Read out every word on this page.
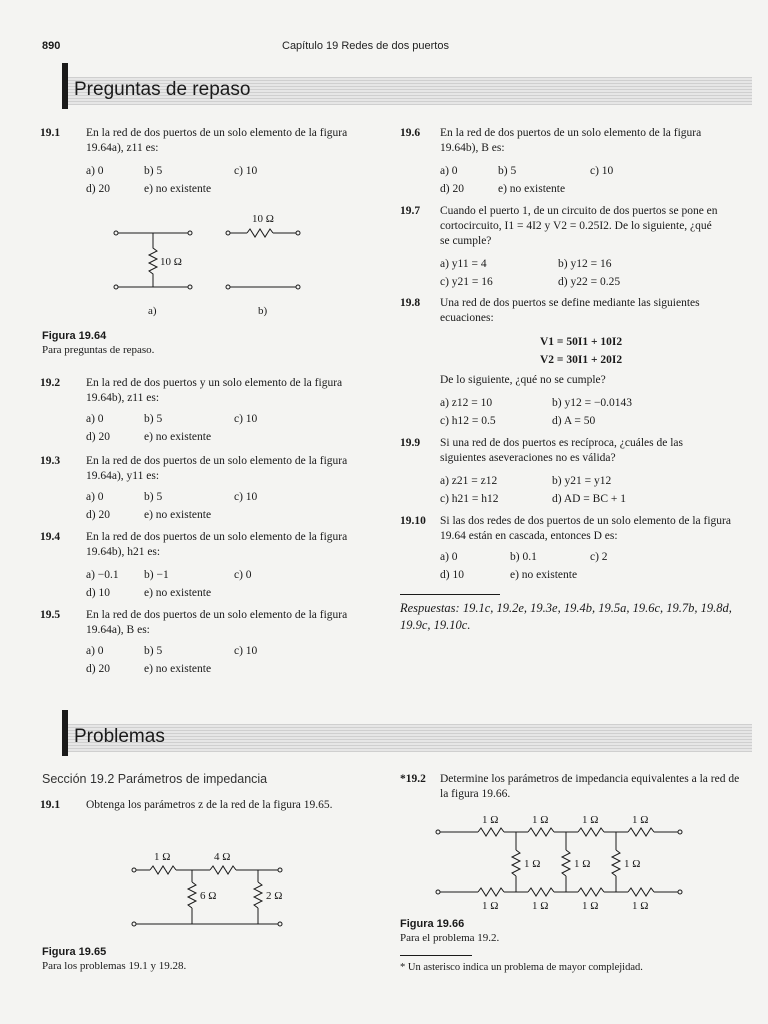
890	Capítulo 19 Redes de dos puertos
Preguntas de repaso
19.1 En la red de dos puertos de un solo elemento de la figura 19.64a), z11 es:
a) 0	b) 5	c) 10
d) 20	e) no existente
10 Ω
10 Ω
a)	b)
Figura 19.64
Para preguntas de repaso.
19.2 En la red de dos puertos y un solo elemento de la figura 19.64b), z11 es:
a) 0	b) 5	c) 10
d) 20	e) no existente
19.3 En la red de dos puertos de un solo elemento de la figura 19.64a), y11 es:
a) 0	b) 5	c) 10
d) 20	e) no existente
19.4 En la red de dos puertos de un solo elemento de la figura 19.64b), h21 es:
a) −0.1 b) −1	c) 0
d) 10	e) no existente
19.5 En la red de dos puertos de un solo elemento de la figura 19.64a), B es:
a) 0	b) 5	c) 10
d) 20	e) no existente
19.6 En la red de dos puertos de un solo elemento de la figura 19.64b), B es:
a) 0	b) 5	c) 10
d) 20	e) no existente
19.7 Cuando el puerto 1, de un circuito de dos puertos se pone en cortocircuito, I1 = 4I2 y V2 = 0.25I2. De lo siguiente, ¿qué se cumple?
a) y11 = 4	b) y12 = 16
c) y21 = 16	d) y22 = 0.25
19.8 Una red de dos puertos se define mediante las siguientes ecuaciones:
V1 = 50I1 + 10I2
V2 = 30I1 + 20I2
De lo siguiente, ¿qué no se cumple?
a) z12 = 10	b) y12 = −0.0143
c) h12 = 0.5	d) A = 50
19.9 Si una red de dos puertos es recíproca, ¿cuáles de las siguientes aseveraciones no es válida?
a) z21 = z12	b) y21 = y12
c) h21 = h12	d) AD = BC + 1
19.10 Si las dos redes de dos puertos de un solo elemento de la figura 19.64 están en cascada, entonces D es:
a) 0	b) 0.1	c) 2
d) 10	e) no existente
Respuestas: 19.1c, 19.2e, 19.3e, 19.4b, 19.5a, 19.6c, 19.7b, 19.8d, 19.9c, 19.10c.
Problemas
Sección 19.2 Parámetros de impedancia
19.1 Obtenga los parámetros z de la red de la figura 19.65.
1 Ω	4 Ω
6 Ω	2 Ω
Figura 19.65
Para los problemas 19.1 y 19.28.
*19.2 Determine los parámetros de impedancia equivalentes a la red de la figura 19.66.
1 Ω	1 Ω	1 Ω	1 Ω
1 Ω	1 Ω	1 Ω
1 Ω	1 Ω	1 Ω	1 Ω
Figura 19.66
Para el problema 19.2.
* Un asterisco indica un problema de mayor complejidad.
